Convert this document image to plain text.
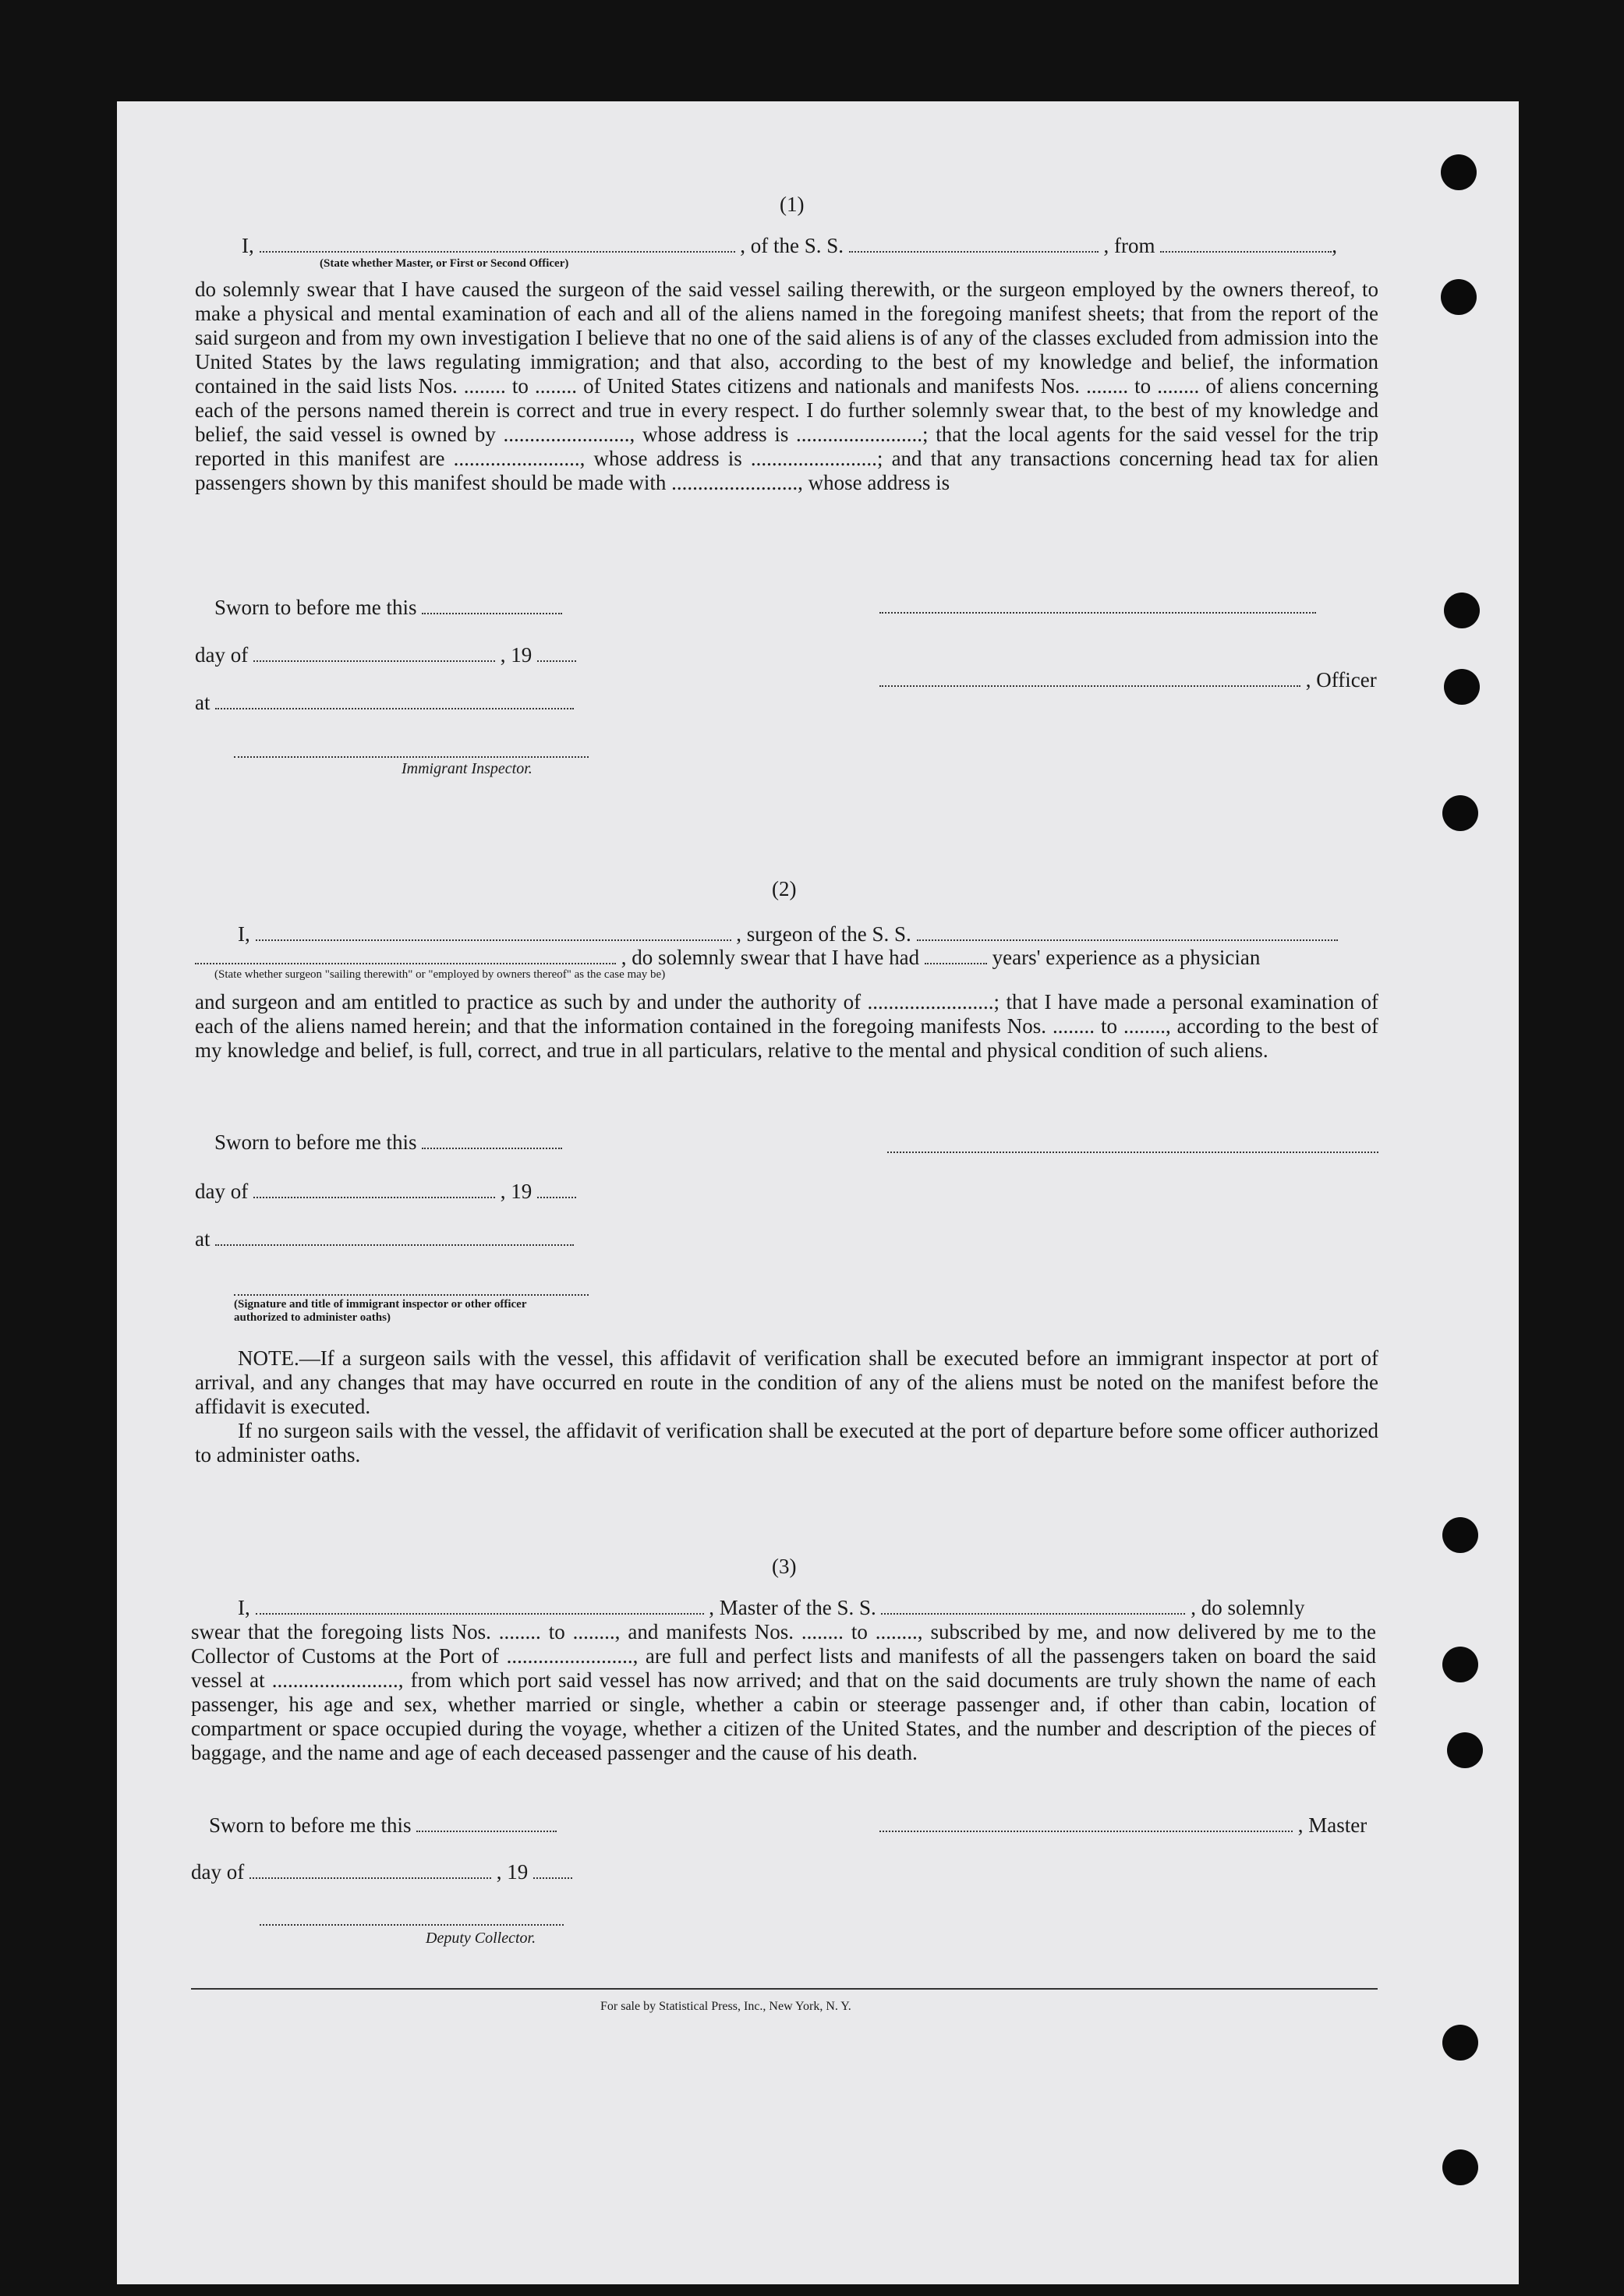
(1)
I,	, of the S. S.	, from	,
(State whether Master, or First or Second Officer)
do solemnly swear that I have caused the surgeon of the said vessel sailing therewith, or the surgeon employed by the owners thereof, to make a physical and mental examination of each and all of the aliens named in the foregoing manifest sheets; that from the report of the said surgeon and from my own investigation I believe that no one of the said aliens is of any of the classes excluded from admission into the United States by the laws regulating immigration; and that also, according to the best of my knowledge and belief, the information contained in the said lists Nos. ........ to ........ of United States citizens and nationals and manifests Nos. ........ to ........ of aliens concerning each of the persons named therein is correct and true in every respect. I do further solemnly swear that, to the best of my knowledge and belief, the said vessel is owned by ........................, whose address is ........................; that the local agents for the said vessel for the trip reported in this manifest are ........................, whose address is ........................; and that any transactions concerning head tax for alien passengers shown by this manifest should be made with ........................, whose address is
Sworn to before me this
day of	, 19
at
, Officer
Immigrant Inspector.
(2)
I,	, surgeon of the S. S.
, do solemnly swear that I have had	years' experience as a physician
(State whether surgeon "sailing therewith" or "employed by owners thereof" as the case may be)
and surgeon and am entitled to practice as such by and under the authority of ........................; that I have made a personal examination of each of the aliens named herein; and that the information contained in the foregoing manifests Nos. ........ to ........, according to the best of my knowledge and belief, is full, correct, and true in all particulars, relative to the mental and physical condition of such aliens.
Sworn to before me this
day of	, 19
at
(Signature and title of immigrant inspector or other officer authorized to administer oaths)
NOTE.—If a surgeon sails with the vessel, this affidavit of verification shall be executed before an immigrant inspector at port of arrival, and any changes that may have occurred en route in the condition of any of the aliens must be noted on the manifest before the affidavit is executed.
If no surgeon sails with the vessel, the affidavit of verification shall be executed at the port of departure before some officer authorized to administer oaths.
(3)
I,	, Master of the S. S.	, do solemnly
swear that the foregoing lists Nos. ........ to ........, and manifests Nos. ........ to ........, subscribed by me, and now delivered by me to the Collector of Customs at the Port of ........................, are full and perfect lists and manifests of all the passengers taken on board the said vessel at ........................, from which port said vessel has now arrived; and that on the said documents are truly shown the name of each passenger, his age and sex, whether married or single, whether a cabin or steerage passenger and, if other than cabin, location of compartment or space occupied during the voyage, whether a citizen of the United States, and the number and description of the pieces of baggage, and the name and age of each deceased passenger and the cause of his death.
Sworn to before me this	, Master
day of	, 19
Deputy Collector.
For sale by Statistical Press, Inc., New York, N. Y.
